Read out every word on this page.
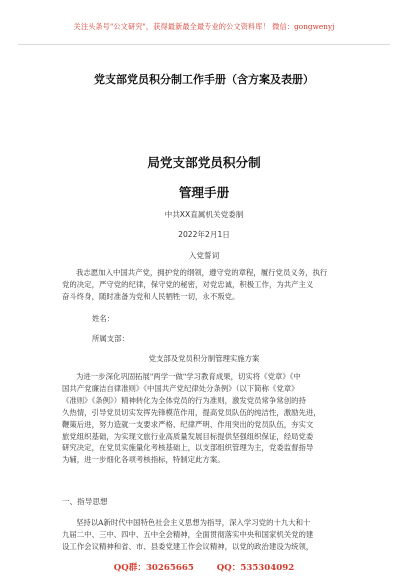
关注头条号"公文研究"，获得最新最全最专业的公文资料库！ 微信：gongwenyj
党支部党员积分制工作手册（含方案及表册）
局党支部党员积分制
管理手册
中共XX直属机关党委制
2022年2月1日
入党誓词
我志愿加入中国共产党，拥护党的纲领，遵守党的章程，履行党员义务，执行
党的决定，严守党的纪律，保守党的秘密，对党忠诚，积极工作，为共产主义
奋斗终身，随时准备为党和人民牺牲一切，永不叛党。
姓名：
所属支部：
党支部及党员积分制管理实施方案
为进一步深化巩固拓展"两学一做"学习教育成果，切实将《党章》《中
国共产党廉洁自律准则》《中国共产党纪律处分条例》（以下简称《党章》
《准则》《条例》）精神转化为全体党员的行为准则，激发党员常争常创的持
久热情，引导党员切实发挥先锋模范作用，提高党员队伍的纯洁性，激励先进，
鞭策后进，努力造就一支要求严格、纪律严明、作用突出的党员队伍，夯实文
旅党组织基础，为实现文旅行业高质量发展目标提供坚强组织保证，经局党委
研究决定，在党员实施量化考核基础上，以支部组织管理为主，党委监督指导
为辅，进一步细化各项考核指标，特制定此方案。
一、指导思想
坚持以A新时代中国特色社会主义思想为指导，深入学习党的十九大和十
九届二中、三中、四中、五中全会精神，全面贯彻落实中央和国家机关党的建
设工作会议精神和省、市、县委党建工作会议精神，以党的政治建设为统领，
QQ群：30265665	QQ：535304092
